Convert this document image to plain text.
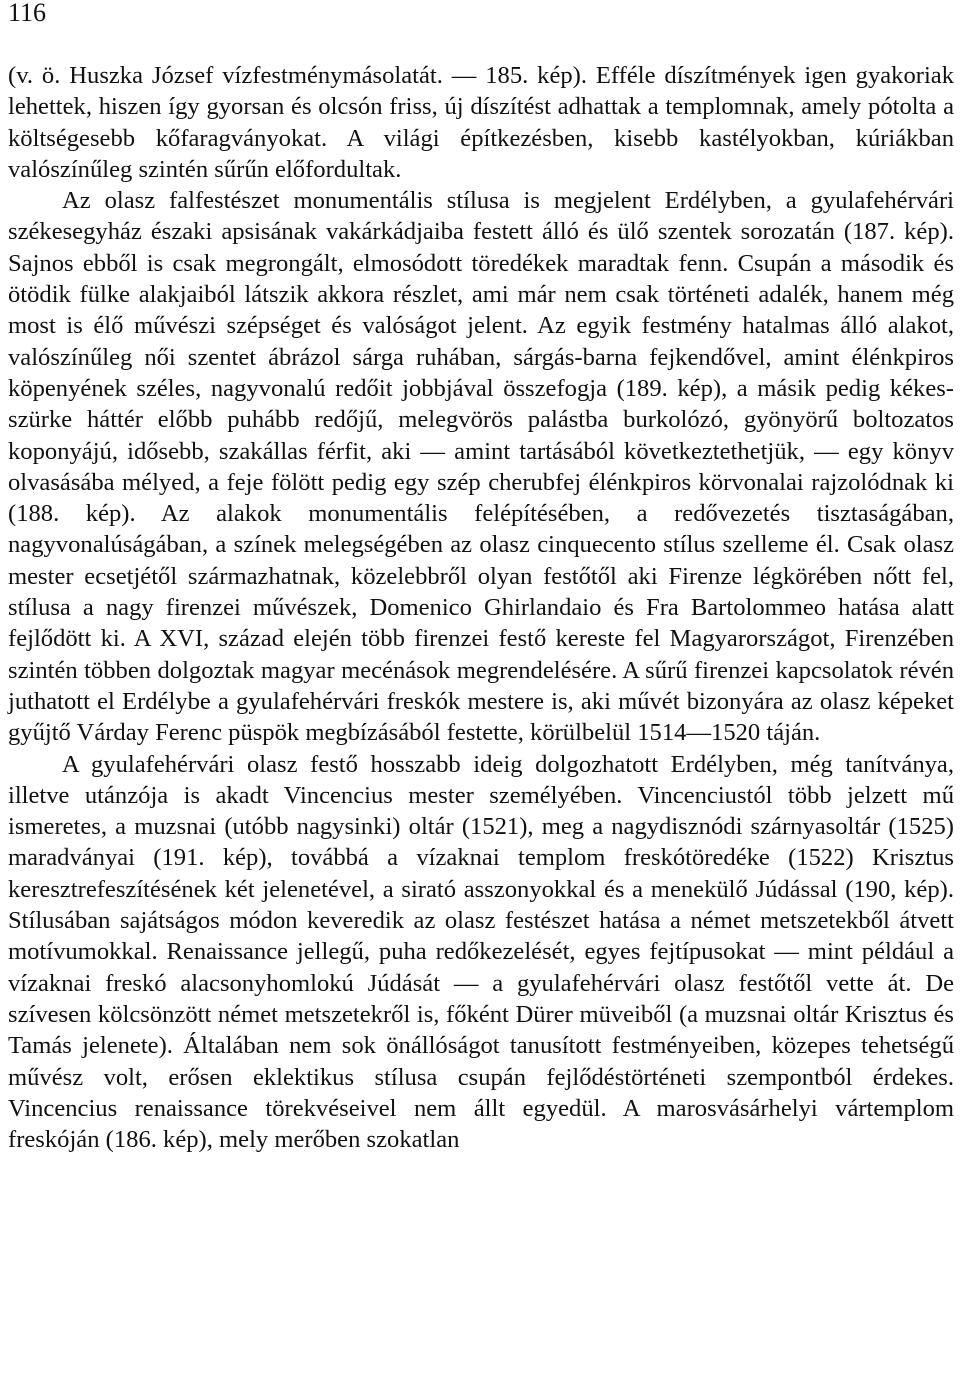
116

(v. ö. Huszka József vízfestménymásolatát. — 185. kép). Efféle díszítmények igen gyakoriak lehettek, hiszen így gyorsan és olcsón friss, új díszítést adhattak a templomnak, amely pótolta a költségesebb kőfaragványokat. A világi építkezésben, kisebb kastélyokban, kúriákban valószínűleg szintén sűrűn előfordultak.

Az olasz falfestészet monumentális stílusa is megjelent Erdélyben, a gyulafehérvári székesegyház északi apsisának vakárkádjaiba festett álló és ülő szentek sorozatán (187. kép). Sajnos ebből is csak megrongált, elmosódott töredékek maradtak fenn. Csupán a második és ötödik fülke alakjaiból látszik akkora részlet, ami már nem csak történeti adalék, hanem még most is élő művészi szépséget és valóságot jelent. Az egyik festmény hatalmas álló alakot, valószínűleg női szentet ábrázol sárga ruhában, sárgás-barna fejkendővel, amint élénkpiros köpenyének széles, nagyvonalú redőit jobbjával összefogja (189. kép), a másik pedig kékes-szürke háttér előbb puhább redőjű, melegvörös palástba burkolózó, gyönyörű boltozatos koponyájú, idősebb, szakállas férfit, aki — amint tartásából következtethetjük, — egy könyv olvasásába mélyed, a feje fölött pedig egy szép cherubfej élénkpiros körvonalai rajzolódnak ki (188. kép). Az alakok monumentális felépítésében, a redővezetés tisztaságában, nagyvonalúságában, a színek melegségében az olasz cinquecento stílus szelleme él. Csak olasz mester ecsetjétől származhatnak, közelebbről olyan festőtől aki Firenze légkörében nőtt fel, stílusa a nagy firenzei művészek, Domenico Ghirlandaio és Fra Bartolommeo hatása alatt fejlődött ki. A XVI, század elején több firenzei festő kereste fel Magyarországot, Firenzében szintén többen dolgoztak magyar mecénások megrendelésére. A sűrű firenzei kapcsolatok révén juthatott el Erdélybe a gyulafehérvári freskók mestere is, aki művét bizonyára az olasz képeket gyűjtő Várday Ferenc püspök megbízásából festette, körülbelül 1514—1520 táján.

A gyulafehérvári olasz festő hosszabb ideig dolgozhatott Erdélyben, még tanítványa, illetve utánzója is akadt Vincencius mester személyében. Vincenciustól több jelzett mű ismeretes, a muzsnai (utóbb nagysinki) oltár (1521), meg a nagydisznódi szárnyasoltár (1525) maradványai (191. kép), továbbá a vízaknai templom freskótöredéke (1522) Krisztus keresztrefeszítésének két jelenetével, a sirató asszonyokkal és a menekülő Júdással (190, kép). Stílusában sajátságos módon keveredik az olasz festészet hatása a német metszetekből átvett motívumokkal. Renaissance jellegű, puha redőkezelését, egyes fejtípusokat — mint például a vízaknai freskó alacsonyhomlokú Júdását — a gyulafehérvári olasz festőtől vette át. De szívesen kölcsönzött német metszetekről is, főként Dürer müveiből (a muzsnai oltár Krisztus és Tamás jelenete). Általában nem sok önállóságot tanusított festményeiben, közepes tehetségű művész volt, erősen eklektikus stílusa csupán fejlődéstörténeti szempontból érdekes. Vincencius renaissance törekvéseivel nem állt egyedül. A marosvásárhelyi vártemplom freskóján (186. kép), mely merőben szokatlan
